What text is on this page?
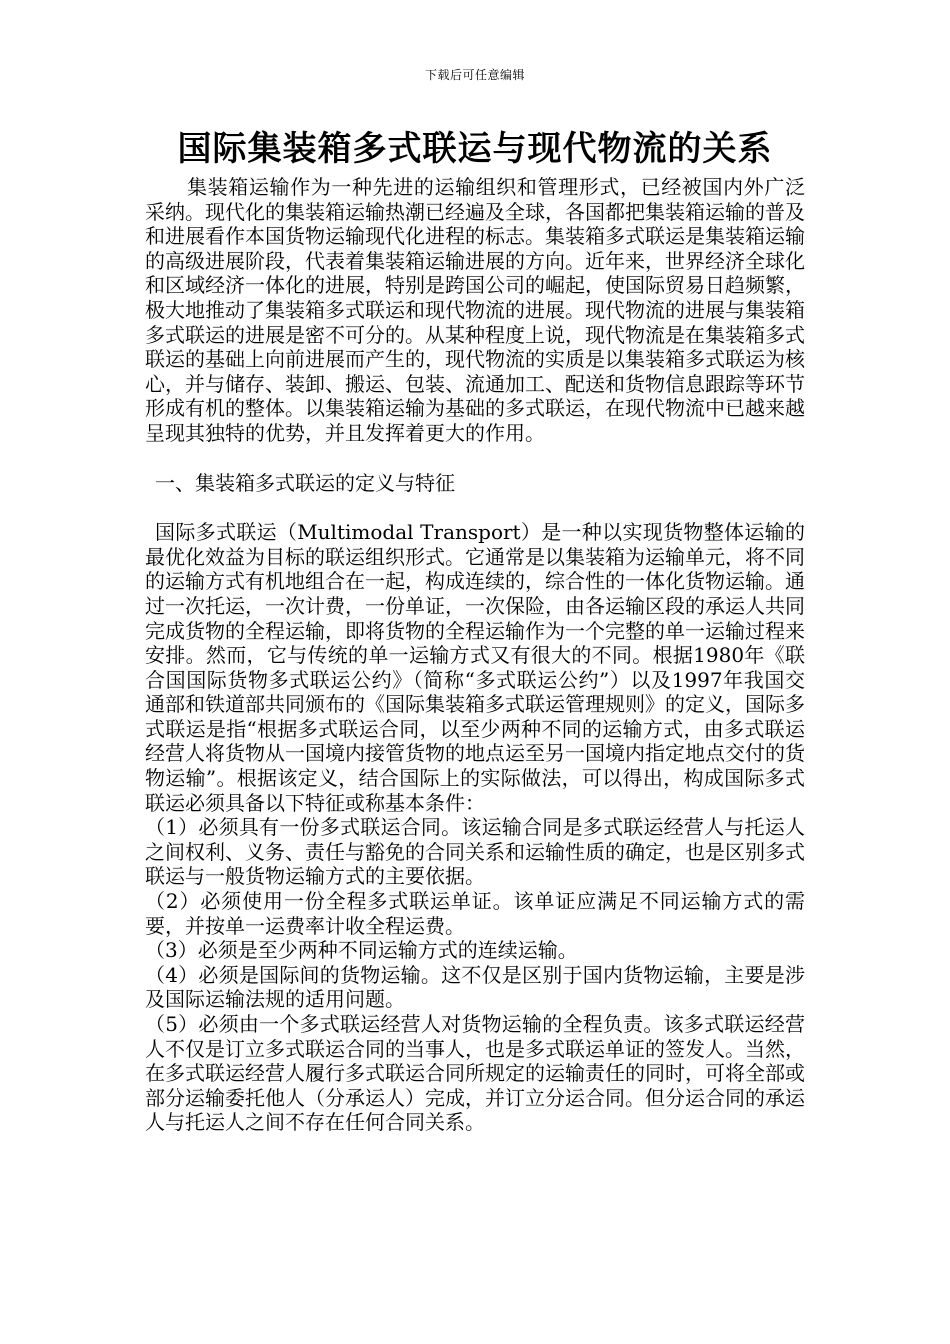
下载后可任意编辑
国际集装箱多式联运与现代物流的关系

集装箱运输作为一种先进的运输组织和管理形式，已经被国内外广泛采纳。现代化的集装箱运输热潮已经遍及全球，各国都把集装箱运输的普及和进展看作本国货物运输现代化进程的标志。集装箱多式联运是集装箱运输的高级进展阶段，代表着集装箱运输进展的方向。近年来，世界经济全球化和区域经济一体化的进展，特别是跨国公司的崛起，使国际贸易日趋频繁，极大地推动了集装箱多式联运和现代物流的进展。现代物流的进展与集装箱多式联运的进展是密不可分的。从某种程度上说，现代物流是在集装箱多式联运的基础上向前进展而产生的，现代物流的实质是以集装箱多式联运为核心，并与储存、装卸、搬运、包装、流通加工、配送和货物信息跟踪等环节形成有机的整体。以集装箱运输为基础的多式联运，在现代物流中已越来越呈现其独特的优势，并且发挥着更大的作用。

一、集装箱多式联运的定义与特征

国际多式联运（Multimodal Transport）是一种以实现货物整体运输的最优化效益为目标的联运组织形式。它通常是以集装箱为运输单元，将不同的运输方式有机地组合在一起，构成连续的，综合性的一体化货物运输。通过一次托运，一次计费，一份单证，一次保险，由各运输区段的承运人共同完成货物的全程运输，即将货物的全程运输作为一个完整的单一运输过程来安排。然而，它与传统的单一运输方式又有很大的不同。根据1980年《联合国国际货物多式联运公约》（简称“多式联运公约”）以及1997年我国交通部和铁道部共同颁布的《国际集装箱多式联运管理规则》的定义，国际多式联运是指“根据多式联运合同，以至少两种不同的运输方式，由多式联运经营人将货物从一国境内接管货物的地点运至另一国境内指定地点交付的货物运输”。根据该定义，结合国际上的实际做法，可以得出，构成国际多式联运必须具备以下特征或称基本条件：

（1）必须具有一份多式联运合同。该运输合同是多式联运经营人与托运人之间权利、义务、责任与豁免的合同关系和运输性质的确定，也是区别多式联运与一般货物运输方式的主要依据。

（2）必须使用一份全程多式联运单证。该单证应满足不同运输方式的需要，并按单一运费率计收全程运费。

（3）必须是至少两种不同运输方式的连续运输。

（4）必须是国际间的货物运输。这不仅是区别于国内货物运输，主要是涉及国际运输法规的适用问题。

（5）必须由一个多式联运经营人对货物运输的全程负责。该多式联运经营人不仅是订立多式联运合同的当事人，也是多式联运单证的签发人。当然，在多式联运经营人履行多式联运合同所规定的运输责任的同时，可将全部或部分运输委托他人（分承运人）完成，并订立分运合同。但分运合同的承运人与托运人之间不存在任何合同关系。
